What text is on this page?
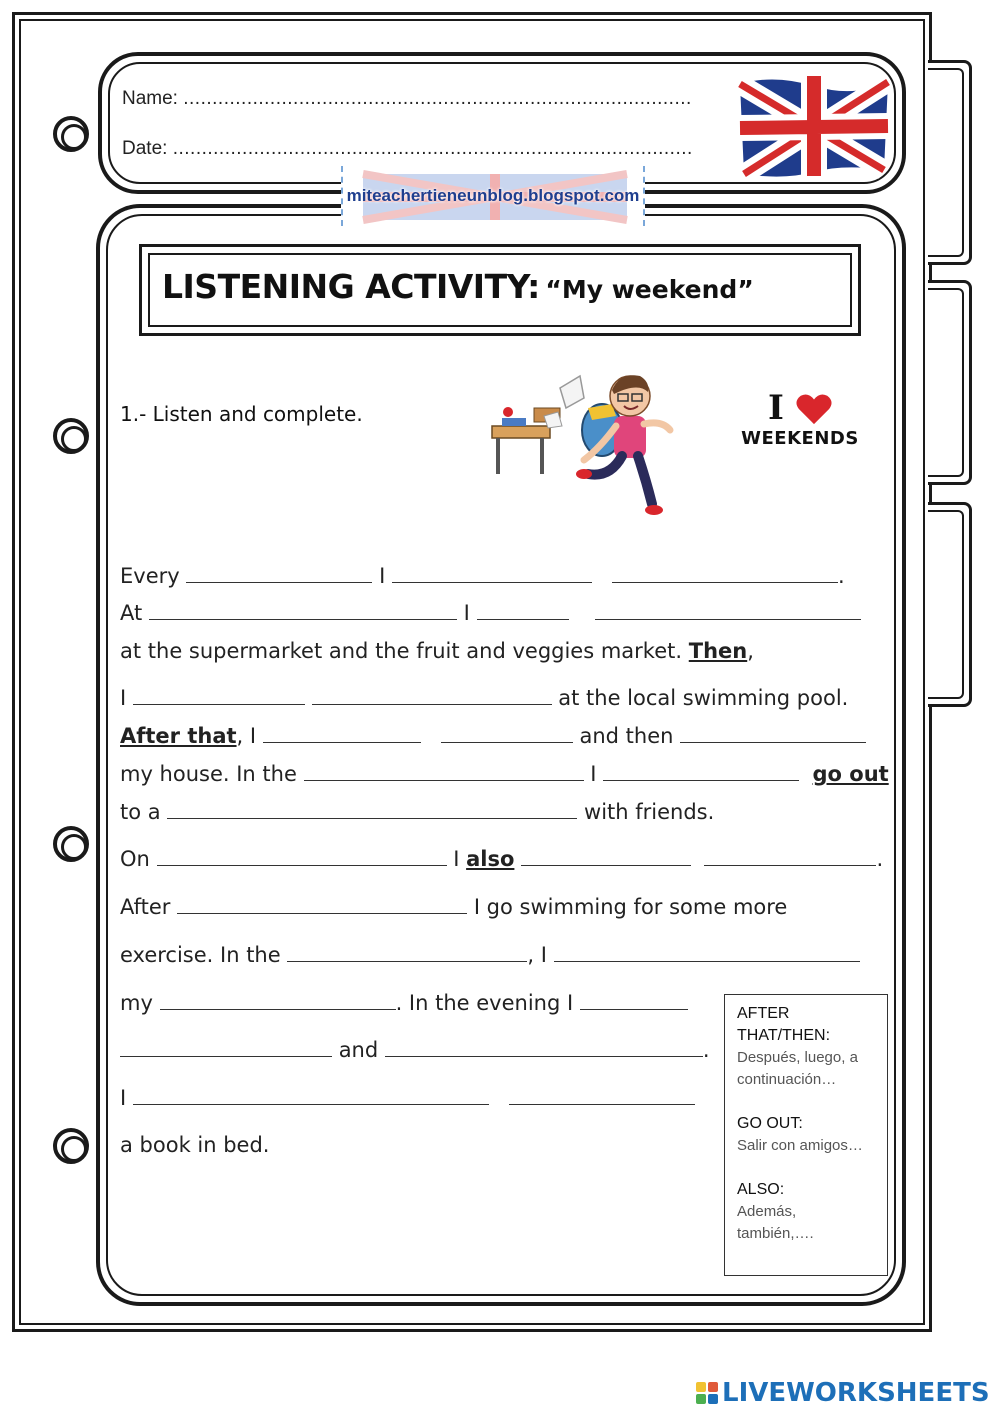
Name: ........................................................................................
Date: ..........................................................................................
miteachertieneunblog.blogspot.com
LISTENING ACTIVITY: “My weekend”
1.- Listen and complete.	I
WEEKENDS
Every	I	.
At	I
at the supermarket and the fruit and veggies market. Then,
I	at the local swimming pool.
After that, I	and then
my house. In the	I	go out
to a	with friends.
On	I also	.
After	I go swimming for some more
exercise. In the	, I
my	. In the evening I
and	.
I
a book in bed.
AFTER THAT/THEN:
Después, luego, a continuación…
GO OUT:
Salir con amigos…
ALSO:
Además, también,….
LIVEWORKSHEETS
